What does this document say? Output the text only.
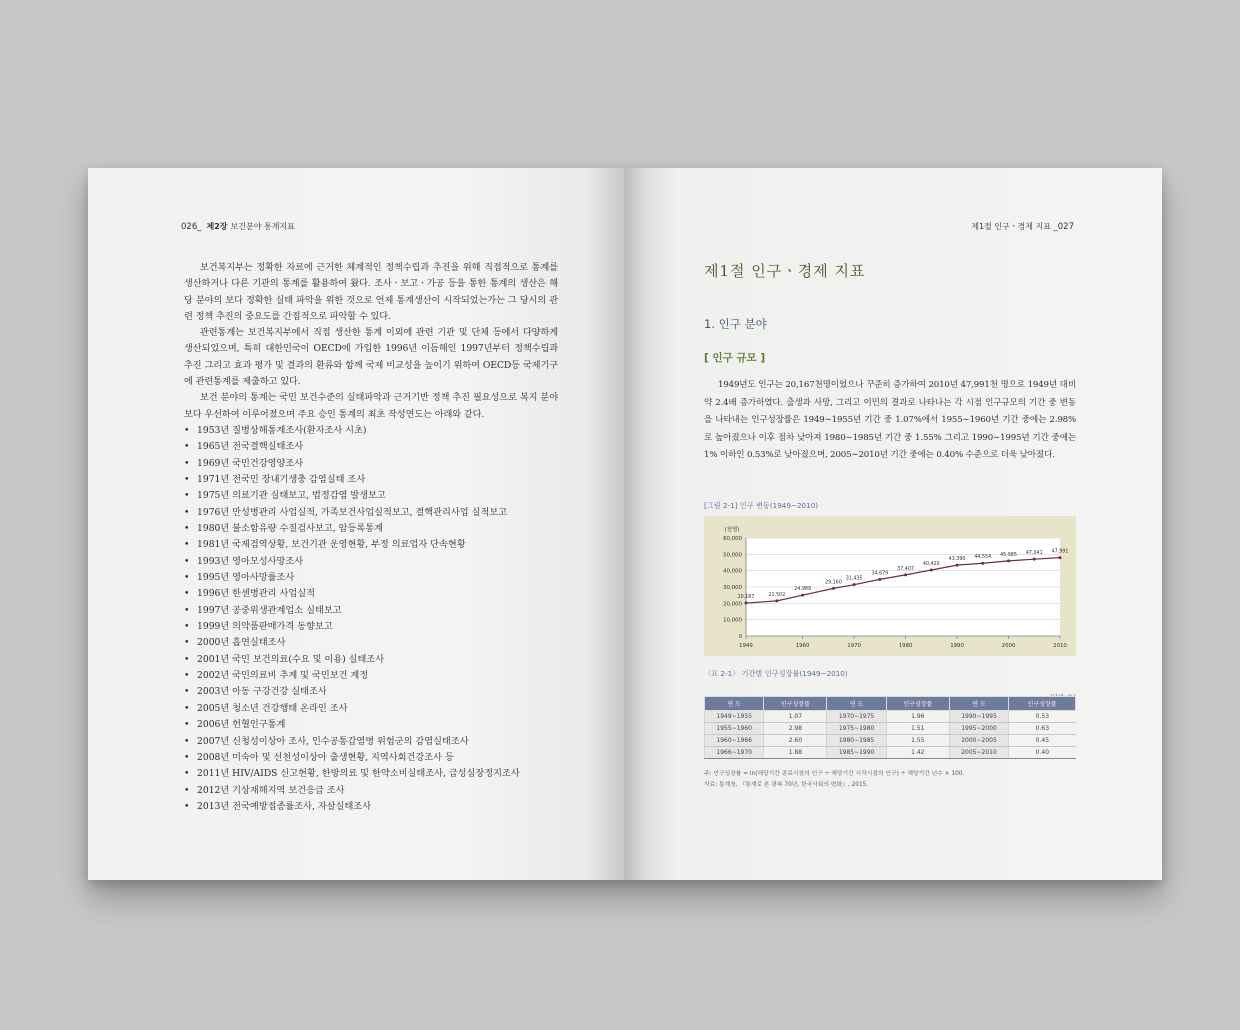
026_ 제2장 보건분야 통계지표

보건복지부는 정확한 자료에 근거한 체계적인 정책수립과 추진을 위해 직접적으로 통계를 생산하거나 다른 기관의 통계를 활용하여 왔다. 조사ㆍ보고ㆍ가공 등을 통한 통계의 생산은 해당 분야의 보다 정확한 실태 파악을 위한 것으로 언제 통계생산이 시작되었는가는 그 당시의 관련 정책 추진의 중요도를 간접적으로 파악할 수 있다.

관련통계는 보건복지부에서 직접 생산한 통계 이외에 관련 기관 및 단체 등에서 다양하게 생산되었으며, 특히 대한민국이 OECD에 가입한 1996년 이듬해인 1997년부터 정책수립과 추진 그리고 효과 평가 및 결과의 환류와 함께 국제 비교성을 높이기 위하여 OECD등 국제기구에 관련통계를 제출하고 있다.

보건 분야의 통계는 국민 보건수준의 실태파악과 근거기반 정책 추진 필요성으로 복지 분야보다 우선하여 이루어졌으며 주요 승인 통계의 최초 작성연도는 아래와 같다.

• 1953년 질병상해통계조사(환자조사 시초)
• 1965년 전국결핵실태조사
• 1969년 국민건강영양조사
• 1971년 전국민 장내기생충 감염실태 조사
• 1975년 의료기관 실태보고, 법정감염 발생보고
• 1976년 만성병관리 사업실적, 가족보건사업실적보고, 결핵관리사업 실적보고
• 1980년 불소함유량 수질검사보고, 암등록통계
• 1981년 국제검역상황, 보건기관 운영현황, 부정 의료업자 단속현황
• 1993년 영아모성사망조사
• 1995년 영아사망률조사
• 1996년 한센병관리 사업실적
• 1997년 공중위생관계업소 실태보고
• 1999년 의약품판매가격 동향보고
• 2000년 흡연실태조사
• 2001년 국민 보건의료(수요 및 이용) 실태조사
• 2002년 국민의료비 추계 및 국민보건 계정
• 2003년 아동 구강건강 실태조사
• 2005년 청소년 건강행태 온라인 조사
• 2006년 헌혈인구통계
• 2007년 신청성이상아 조사, 인수공통감염병 위험군의 감염실태조사
• 2008년 미숙아 및 선천성이상아 출생현황, 지역사회건강조사 등
• 2011년 HIV/AIDS 신고현황, 한방의료 및 한약소비실태조사, 급성심장정지조사
• 2012년 기상재해지역 보건응급 조사
• 2013년 전국예방접종률조사, 자살실태조사
제1절 인구ㆍ경제 지표 _027
제1절 인구ㆍ경제 지표
1. 인구 분야
[ 인구 규모 ]

1949년도 인구는 20,167천명이었으나 꾸준히 증가하여 2010년 47,991천 명으로 1949년 대비 약 2.4배 증가하였다. 출생과 사망, 그리고 이민의 결과로 나타나는 각 시점 인구규모의 기간 중 변동을 나타내는 인구성장률은 1949∼1955년 기간 중 1.07%에서 1955∼1960년 기간 중에는 2.98%로 높아졌으나 이후 점차 낮아져 1980∼1985년 기간 중 1.55% 그리고 1990∼1995년 기간 중에는 1% 이하인 0.53%로 낮아졌으며, 2005∼2010년 기간 중에는 0.40% 수준으로 더욱 낮아졌다.

[그림 2-1] 인구 변동(1949∼2010)
0
10,000
20,000
30,000
40,000
50,000
60,000
1949	1960	1970	1980	1990	2000	2010
(천명)
20,167	21,502
24,989
29,160
31,435
34,679
37,407
40,420
43,390 44,554 45,985 47,041 47,991
〈표 2-1〉 기간별 인구성장률(1949∼2010)
연 도	인구성장률	연 도	인구성장률	연 도	인구성장률
1949∼1955	1.07	1970∼1975	1.96	1990∼1995	0.53
1955∼1960	2.98	1975∼1980	1.51	1995∼2000	0.63
1960∼1966	2.60	1980∼1985	1.55	2000∼2005	0.45
1966∼1970	1.88	1985∼1990	1.42	2005∼2010	0.40
주: 인구성장률 = ln(해당기간 종료시점의 인구 ÷ 해당기간 시작시점의 인구) ÷ 해당기간 년수 × 100.
자료: 통계청, 『통계로 본 광복 70년, 한국사회의 변화』, 2015.
